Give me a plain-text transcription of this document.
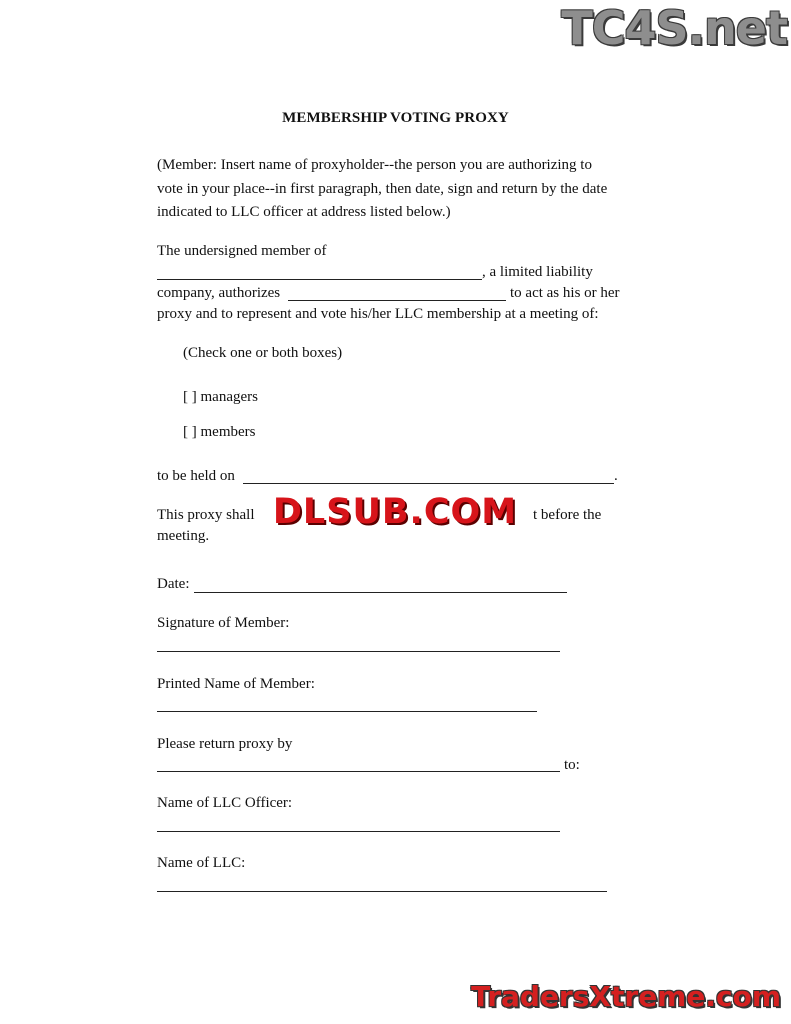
TC4S.net
MEMBERSHIP VOTING PROXY
(Member: Insert name of proxyholder--the person you are authorizing to
vote in your place--in first paragraph, then date, sign and return by the date
indicated to LLC officer at address listed below.)
The undersigned member of
, a limited liability
company, authorizes	to act as his or her
proxy and to represent and vote his/her LLC membership at a meeting of:
(Check one or both boxes)
[ ] managers
[ ] members
to be held on	.
This proxy shall	t before the
meeting.
DLSUB.COM
Date:
Signature of Member:
Printed Name of Member:
Please return proxy by
to:
Name of LLC Officer:
Name of LLC:
TradersXtreme.com
